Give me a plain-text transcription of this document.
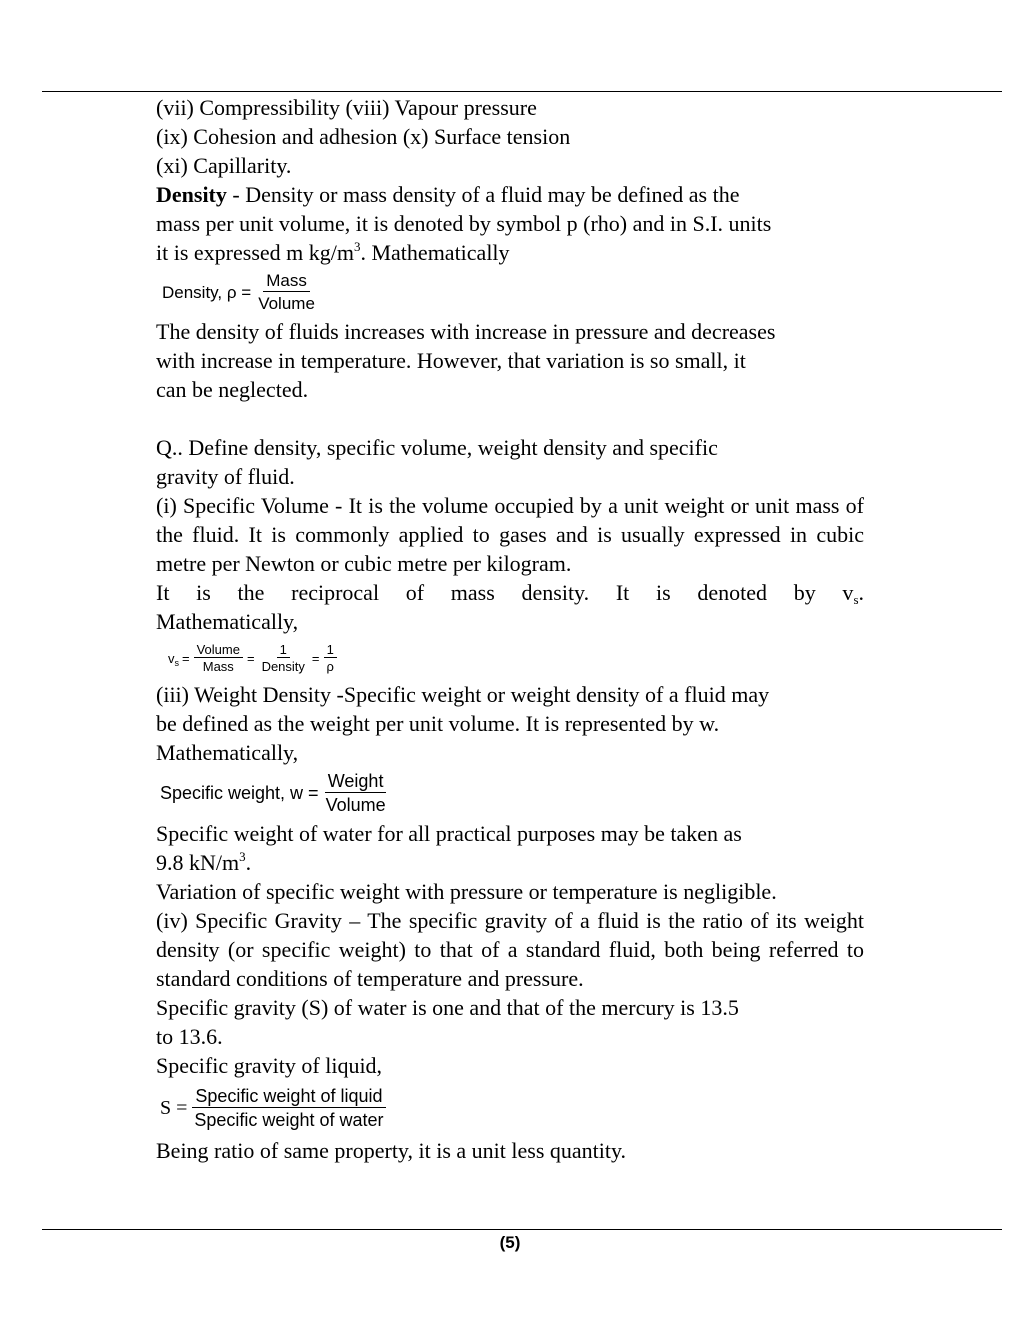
(vii) Compressibility (viii) Vapour pressure
(ix) Cohesion and adhesion (x) Surface tension
(xi) Capillarity.
Density - Density or mass density of a fluid may be defined as the
mass per unit volume, it is denoted by symbol p (rho) and in S.I. units
it is expressed m $kg/m^3$. Mathematically
Density, $\rho = \frac{\text{Mass}}{\text{Volume}}$
The density of fluids increases with increase in pressure and decreases
with increase in temperature. However, that variation is so small, it
can be neglected.
Q.. Define density, specific volume, weight density and specific
gravity of fluid.
(i) Specific Volume - It is the volume occupied by a unit weight or unit mass of the fluid. It is commonly applied to gases and is usually expressed in cubic metre per Newton or cubic metre per kilogram.
It is the reciprocal of mass density. It is denoted by $v_s$.
Mathematically,
$v_s = \frac{\text{Volume}}{\text{Mass}} = \frac{1}{\text{Density}} = \frac{1}{\rho}$
(iii) Weight Density -Specific weight or weight density of a fluid may
be defined as the weight per unit volume. It is represented by w.
Mathematically,
Specific weight, $w = \frac{\text{Weight}}{\text{Volume}}$
Specific weight of water for all practical purposes may be taken as
9.8 $kN/m^3$.
Variation of specific weight with pressure or temperature is negligible.
(iv) Specific Gravity – The specific gravity of a fluid is the ratio of its weight density (or specific weight) to that of a standard fluid, both being referred to standard conditions of temperature and pressure.
Specific gravity (S) of water is one and that of the mercury is 13.5
to 13.6.
Specific gravity of liquid,
$S = \frac{\text{Specific weight of liquid}}{\text{Specific weight of water}}$
Being ratio of same property, it is a unit less quantity.
(5)
